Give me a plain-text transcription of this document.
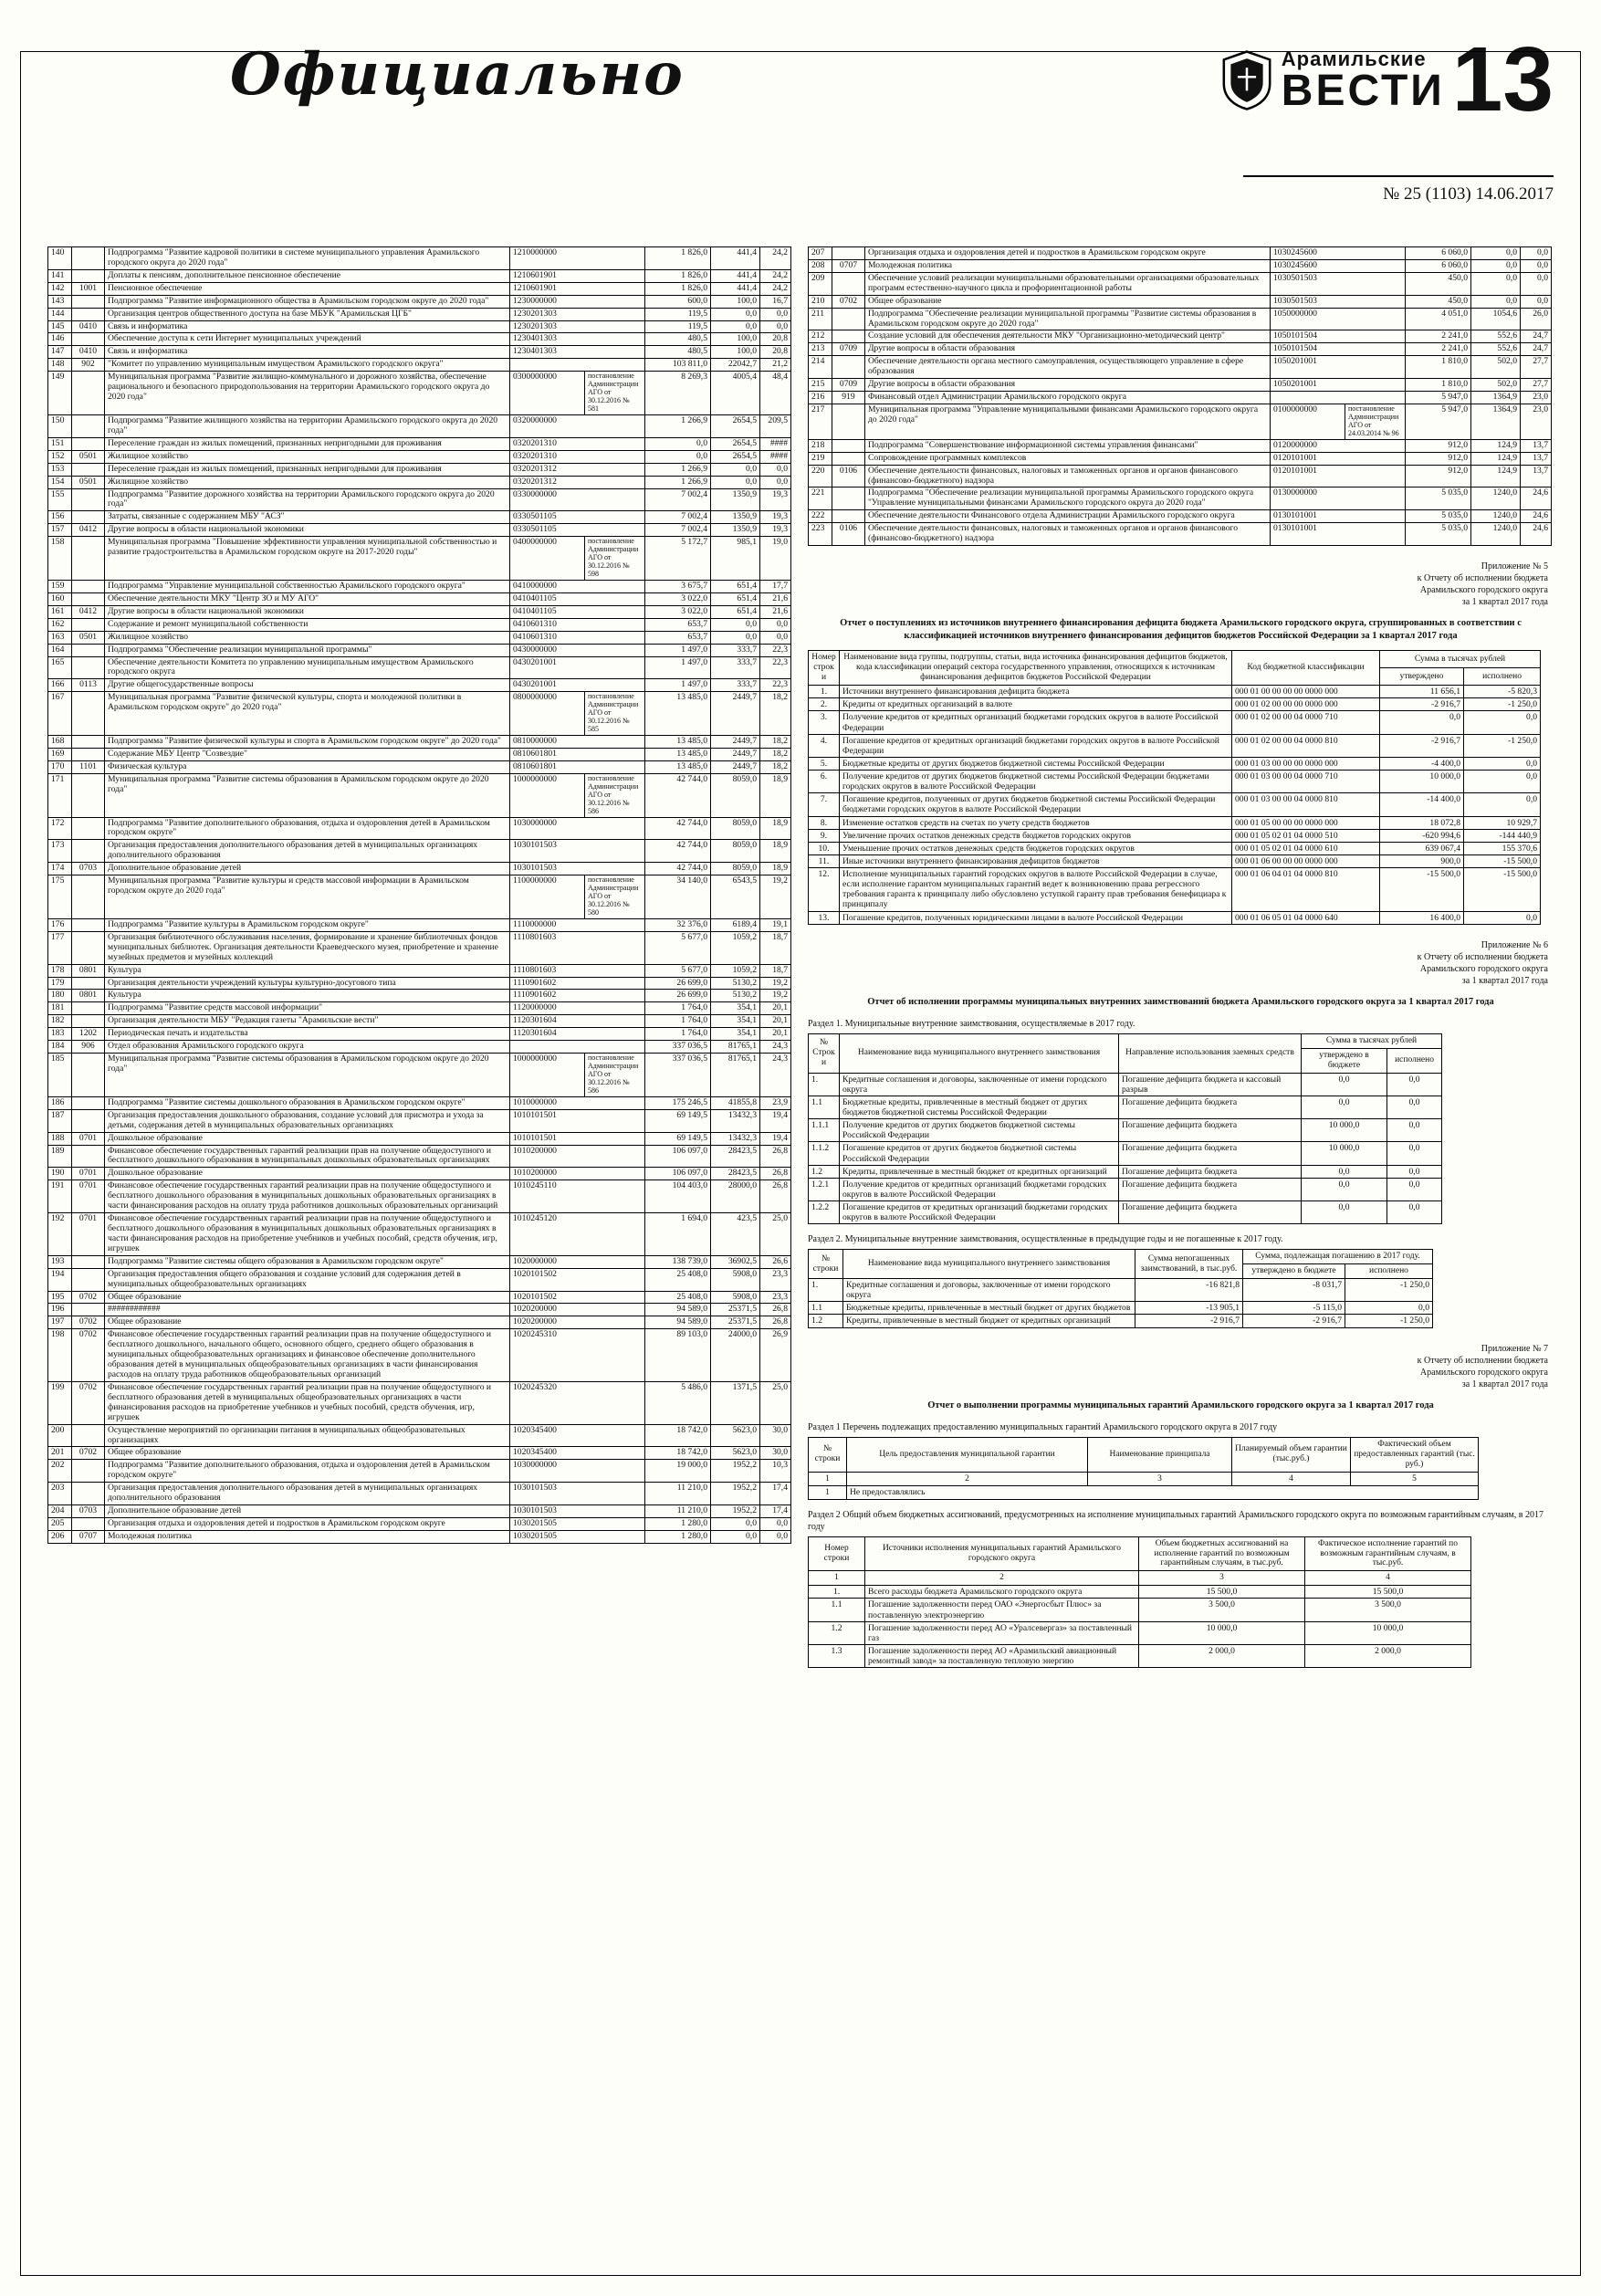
Официально	Арамильские
ВЕСТИ 13
№ 25 (1103) 14.06.2017
140		Подпрограмма "Развитие кадровой политики в системе муниципального управления Арамильского городского округа до 2020 года"	1210000000		1 826,0	441,4	24,2
141		Доплаты к пенсиям, дополнительное пенсионное обеспечение	1210601901		1 826,0	441,4	24,2
142	1001	Пенсионное обеспечение	1210601901		1 826,0	441,4	24,2
143		Подпрограмма "Развитие информационного общества в Арамильском городском округе до 2020 года"	1230000000		600,0	100,0	16,7
144		Организация центров общественного доступа на базе МБУК "Арамильская ЦГБ"	1230201303		119,5	0,0	0,0
145	0410	Связь и информатика	1230201303		119,5	0,0	0,0
146		Обеспечение доступа к сети Интернет муниципальных учреждений	1230401303		480,5	100,0	20,8
147	0410	Связь и информатика	1230401303		480,5	100,0	20,8
148	902	"Комитет по управлению муниципальным имуществом Арамильского городского округа"			103 811,0	22042,7	21,2
149		Муниципальная программа "Развитие жилищно-коммунального и дорожного хозяйства, обеспечение рационального и безопасного природопользования на территории Арамильского городского округа до 2020 года"	0300000000	постановление Администрации АГО от 30.12.2016 № 581	8 269,3	4005,4	48,4
150		Подпрограмма "Развитие жилищного хозяйства на территории Арамильского городского округа до 2020 года"	0320000000		1 266,9	2654,5	209,5
151		Переселение граждан из жилых помещений, признанных непригодными для проживания	0320201310		0,0	2654,5	####
152	0501	Жилищное хозяйство	0320201310		0,0	2654,5	####
153		Переселение граждан из жилых помещений, признанных непригодными для проживания	0320201312		1 266,9	0,0	0,0
154	0501	Жилищное хозяйство	0320201312		1 266,9	0,0	0,0
155		Подпрограмма "Развитие дорожного хозяйства на территории Арамильского городского округа до 2020 года"	0330000000		7 002,4	1350,9	19,3
156		Затраты, связанные с содержанием МБУ "АСЗ"	0330501105		7 002,4	1350,9	19,3
157	0412	Другие вопросы в области национальной экономики	0330501105		7 002,4	1350,9	19,3
158		Муниципальная программа "Повышение эффективности управления муниципальной собственностью и развитие градостроительства в Арамильском городском округе на 2017-2020 годы"	0400000000	постановление Администрации АГО от 30.12.2016 № 598	5 172,7	985,1	19,0
159		Подпрограмма "Управление муниципальной собственностью Арамильского городского округа"	0410000000		3 675,7	651,4	17,7
160		Обеспечение деятельности МКУ "Центр ЗО и МУ АГО"	0410401105		3 022,0	651,4	21,6
161	0412	Другие вопросы в области национальной экономики	0410401105		3 022,0	651,4	21,6
162		Содержание и ремонт муниципальной собственности	0410601310		653,7	0,0	0,0
163	0501	Жилищное хозяйство	0410601310		653,7	0,0	0,0
164		Подпрограмма "Обеспечение реализации муниципальной программы"	0430000000		1 497,0	333,7	22,3
165		Обеспечение деятельности Комитета по управлению муниципальным имуществом Арамильского городского округа	0430201001		1 497,0	333,7	22,3
166	0113	Другие общегосударственные вопросы	0430201001		1 497,0	333,7	22,3
167		Муниципальная программа "Развитие физической культуры, спорта и молодежной политики в Арамильском городском округе" до 2020 года"	0800000000	постановление Администрации АГО от 30.12.2016 № 585	13 485,0	2449,7	18,2
168		Подпрограмма "Развитие физической культуры и спорта в Арамильском городском округе" до 2020 года"	0810000000		13 485,0	2449,7	18,2
169		Содержание МБУ Центр "Созвездие"	0810601801		13 485,0	2449,7	18,2
170	1101	Физическая культура	0810601801		13 485,0	2449,7	18,2
171		Муниципальная программа "Развитие системы образования в Арамильском городском округе до 2020 года"	1000000000	постановление Администрации АГО от 30.12.2016 № 586	42 744,0	8059,0	18,9
172		Подпрограмма "Развитие дополнительного образования, отдыха и оздоровления детей в Арамильском городском округе"	1030000000		42 744,0	8059,0	18,9
173		Организация предоставления дополнительного образования детей в муниципальных организациях дополнительного образования	1030101503		42 744,0	8059,0	18,9
174	0703	Дополнительное образование детей	1030101503		42 744,0	8059,0	18,9
175		Муниципальная программа "Развитие культуры и средств массовой информации в Арамильском городском округе до 2020 года"	1100000000	постановление Администрации АГО от 30.12.2016 № 580	34 140,0	6543,5	19,2
176		Подпрограмма "Развитие культуры в Арамильском городском округе"	1110000000		32 376,0	6189,4	19,1
177		Организация библиотечного обслуживания населения, формирование и хранение библиотечных фондов муниципальных библиотек. Организация деятельности Краеведческого музея, приобретение и хранение музейных предметов и музейных коллекций	1110801603		5 677,0	1059,2	18,7
178	0801	Культура	1110801603		5 677,0	1059,2	18,7
179		Организация деятельности учреждений культуры культурно-досугового типа	1110901602		26 699,0	5130,2	19,2
180	0801	Культура	1110901602		26 699,0	5130,2	19,2
181		Подпрограмма "Развитие средств массовой информации"	1120000000		1 764,0	354,1	20,1
182		Организация деятельности МБУ "Редакция газеты "Арамильские вести"	1120301604		1 764,0	354,1	20,1
183	1202	Периодическая печать и издательства	1120301604		1 764,0	354,1	20,1
184	906	Отдел образования Арамильского городского округа			337 036,5	81765,1	24,3
185		Муниципальная программа "Развитие системы образования в Арамильском городском округе до 2020 года"	1000000000	постановление Администрации АГО от 30.12.2016 № 586	337 036,5	81765,1	24,3
186		Подпрограмма "Развитие системы дошкольного образования в Арамильском городском округе"	1010000000		175 246,5	41855,8	23,9
187		Организация предоставления дошкольного образования, создание условий для присмотра и ухода за детьми, содержания детей в муниципальных образовательных организациях	1010101501		69 149,5	13432,3	19,4
188	0701	Дошкольное образование	1010101501		69 149,5	13432,3	19,4
189		Финансовое обеспечение государственных гарантий реализации прав на получение общедоступного и бесплатного дошкольного образования в муниципальных дошкольных образовательных организациях	1010200000		106 097,0	28423,5	26,8
190	0701	Дошкольное образование	1010200000		106 097,0	28423,5	26,8
191	0701	Финансовое обеспечение государственных гарантий реализации прав на получение общедоступного и бесплатного дошкольного образования в муниципальных дошкольных образовательных организациях в части финансирования расходов на оплату труда работников дошкольных образовательных организаций	1010245110		104 403,0	28000,0	26,8
192	0701	Финансовое обеспечение государственных гарантий реализации прав на получение общедоступного и бесплатного дошкольного образования в муниципальных дошкольных образовательных организациях в части финансирования расходов на приобретение учебников и учебных пособий, средств обучения, игр, игрушек	1010245120		1 694,0	423,5	25,0
193		Подпрограмма "Развитие системы общего образования в Арамильском городском округе"	1020000000		138 739,0	36902,5	26,6
194		Организация предоставления общего образования и создание условий для содержания детей в муниципальных общеобразовательных организациях	1020101502		25 408,0	5908,0	23,3
195	0702	Общее образование	1020101502		25 408,0	5908,0	23,3
196		############	1020200000		94 589,0	25371,5	26,8
197	0702	Общее образование	1020200000		94 589,0	25371,5	26,8
198	0702	Финансовое обеспечение государственных гарантий реализации прав на получение общедоступного и бесплатного дошкольного, начального общего, основного общего, среднего общего образования в муниципальных общеобразовательных организациях и финансовое обеспечение дополнительного образования детей в муниципальных общеобразовательных организациях в части финансирования расходов на оплату труда работников общеобразовательных организаций	1020245310		89 103,0	24000,0	26,9
199	0702	Финансовое обеспечение государственных гарантий реализации прав на получение общедоступного и бесплатного образования детей в муниципальных общеобразовательных организациях в части финансирования расходов на приобретение учебников и учебных пособий, средств обучения, игр, игрушек	1020245320		5 486,0	1371,5	25,0
200		Осуществление мероприятий по организации питания в муниципальных общеобразовательных организациях	1020345400		18 742,0	5623,0	30,0
201	0702	Общее образование	1020345400		18 742,0	5623,0	30,0
202		Подпрограмма "Развитие дополнительного образования, отдыха и оздоровления детей в Арамильском городском округе"	1030000000		19 000,0	1952,2	10,3
203		Организация предоставления дополнительного образования детей в муниципальных организациях дополнительного образования	1030101503		11 210,0	1952,2	17,4
204	0703	Дополнительное образование детей	1030101503		11 210,0	1952,2	17,4
205		Организация отдыха и оздоровления детей и подростков в Арамильском городском округе	1030201505		1 280,0	0,0	0,0
206	0707	Молодежная политика	1030201505		1 280,0	0,0	0,0
207		Организация отдыха и оздоровления детей и подростков в Арамильском городском округе	1030245600		6 060,0	0,0	0,0
208	0707	Молодежная политика	1030245600		6 060,0	0,0	0,0
209		Обеспечение условий реализации муниципальными образовательными организациями образовательных программ естественно-научного цикла и профориентационной работы	1030501503		450,0	0,0	0,0
210	0702	Общее образование	1030501503		450,0	0,0	0,0
211		Подпрограмма "Обеспечение реализации муниципальной программы "Развитие системы образования в Арамильском городском округе до 2020 года"	1050000000		4 051,0	1054,6	26,0
212		Создание условий для обеспечения деятельности МКУ "Организационно-методический центр"	1050101504		2 241,0	552,6	24,7
213	0709	Другие вопросы в области образования	1050101504		2 241,0	552,6	24,7
214		Обеспечение деятельности органа местного самоуправления, осуществляющего управление в сфере образования	1050201001		1 810,0	502,0	27,7
215	0709	Другие вопросы в области образования	1050201001		1 810,0	502,0	27,7
216	919	Финансовый отдел Администрации Арамильского городского округа			5 947,0	1364,9	23,0
217		Муниципальная программа "Управление муниципальными финансами Арамильского городского округа до 2020 года"	0100000000	постановление Администрации АГО от 24.03.2014 № 96	5 947,0	1364,9	23,0
218		Подпрограмма "Совершенствование информационной системы управления финансами"	0120000000		912,0	124,9	13,7
219		Сопровождение программных комплексов	0120101001		912,0	124,9	13,7
220	0106	Обеспечение деятельности финансовых, налоговых и таможенных органов и органов финансового (финансово-бюджетного) надзора	0120101001		912,0	124,9	13,7
221		Подпрограмма "Обеспечение реализации муниципальной программы Арамильского городского округа "Управление муниципальными финансами Арамильского городского округа до 2020 года"	0130000000		5 035,0	1240,0	24,6
222		Обеспечение деятельности Финансового отдела Администрации Арамильского городского округа	0130101001		5 035,0	1240,0	24,6
223	0106	Обеспечение деятельности финансовых, налоговых и таможенных органов и органов финансового (финансово-бюджетного) надзора	0130101001		5 035,0	1240,0	24,6
Приложение № 5
к Отчету об исполнении бюджета
Арамильского городского округа
за 1 квартал 2017 года
Отчет о поступлениях из источников внутреннего финансирования дефицита бюджета Арамильского городского округа, сгруппированных в соответствии с классификацией источников внутреннего финансирования дефицитов бюджетов Российской Федерации за 1 квартал 2017 года
Номер строки	Наименование вида группы, подгруппы, статьи, вида источника финансирования дефицитов бюджетов, кода классификации операций сектора государственного управления, относящихся к источникам финансирования дефицитов бюджетов Российской Федерации	Код бюджетной классификации	Сумма в тысячах рублей	
			утверждено	исполнено
1.	Источники внутреннего финансирования дефицита бюджета	000 01 00 00 00 00 0000 000	11 656,1	-5 820,3
2.	Кредиты от кредитных организаций в валюте	000 01 02 00 00 00 0000 000	-2 916,7	-1 250,0
3.	Получение кредитов от кредитных организаций бюджетами городских округов в валюте Российской Федерации	000 01 02 00 00 04 0000 710	0,0	0,0
4.	Погашение кредитов от кредитных организаций бюджетами городских округов в валюте Российской Федерации	000 01 02 00 00 04 0000 810	-2 916,7	-1 250,0
5.	Бюджетные кредиты от других бюджетов бюджетной системы Российской Федерации	000 01 03 00 00 00 0000 000	-4 400,0	0,0
6.	Получение кредитов от других бюджетов бюджетной системы Российской Федерации бюджетами городских округов в валюте Российской Федерации	000 01 03 00 00 04 0000 710	10 000,0	0,0
7.	Погашение кредитов, полученных от других бюджетов бюджетной системы Российской Федерации бюджетами городских округов в валюте Российской Федерации	000 01 03 00 00 04 0000 810	-14 400,0	0,0
8.	Изменение остатков средств на счетах по учету средств бюджетов	000 01 05 00 00 00 0000 000	18 072,8	10 929,7
9.	Увеличение прочих остатков денежных средств бюджетов городских округов	000 01 05 02 01 04 0000 510	-620 994,6	-144 440,9
10.	Уменьшение прочих остатков денежных средств бюджетов городских округов	000 01 05 02 01 04 0000 610	639 067,4	155 370,6
11.	Иные источники внутреннего финансирования дефицитов бюджетов	000 01 06 00 00 00 0000 000	900,0	-15 500,0
12.	Исполнение муниципальных гарантий городских округов в валюте Российской Федерации в случае, если исполнение гарантом муниципальных гарантий ведет к возникновению права регрессного требования гаранта к принципалу либо обусловлено уступкой гаранту прав требования бенефициара к принципалу	000 01 06 04 01 04 0000 810	-15 500,0	-15 500,0
13.	Погашение кредитов, полученных юридическими лицами в валюте Российской Федерации	000 01 06 05 01 04 0000 640	16 400,0	0,0
Приложение № 6
к Отчету об исполнении бюджета
Арамильского городского округа
за 1 квартал 2017 года
Отчет об исполнении программы муниципальных внутренних заимствований бюджета Арамильского городского округа за 1 квартал 2017 года
Раздел 1. Муниципальные внутренние заимствования, осуществляемые в 2017 году.
№ Строки	Наименование вида муниципального внутреннего заимствования	Направление использования заемных средств	Сумма в тысячах рублей	
			утверждено в бюджете	исполнено
1.	Кредитные соглашения и договоры, заключенные от имени городского округа	Погашение дефицита бюджета и кассовый разрыв	0,0	0,0
1.1	Бюджетные кредиты, привлеченные в местный бюджет от других бюджетов бюджетной системы Российской Федерации	Погашение дефицита бюджета	0,0	0,0
1.1.1	Получение кредитов от других бюджетов бюджетной системы Российской Федерации	Погашение дефицита бюджета	10 000,0	0,0
1.1.2	Погашение кредитов от других бюджетов бюджетной системы Российской Федерации	Погашение дефицита бюджета	10 000,0	0,0
1.2	Кредиты, привлеченные в местный бюджет от кредитных организаций	Погашение дефицита бюджета	0,0	0,0
1.2.1	Получение кредитов от кредитных организаций бюджетами городских округов в валюте Российской Федерации	Погашение дефицита бюджета	0,0	0,0
1.2.2	Погашение кредитов от кредитных организаций бюджетами городских округов в валюте Российской Федерации	Погашение дефицита бюджета	0,0	0,0
Раздел 2. Муниципальные внутренние заимствования, осуществленные в предыдущие годы и не погашенные к 2017 году.
№ строки	Наименование вида муниципального внутреннего заимствования	Сумма непогашенных заимствований, в тыс.руб.	Сумма, подлежащая погашению в 2017 году.	
			утверждено в бюджете	исполнено
1.	Кредитные соглашения и договоры, заключенные от имени городского округа	-16 821,8	-8 031,7	-1 250,0
1.1	Бюджетные кредиты, привлеченные в местный бюджет от других бюджетов	-13 905,1	-5 115,0	0,0
1.2	Кредиты, привлеченные в местный бюджет от кредитных организаций	-2 916,7	-2 916,7	-1 250,0
Приложение № 7
к Отчету об исполнении бюджета
Арамильского городского округа
за 1 квартал 2017 года
Отчет о выполнении программы муниципальных гарантий Арамильского городского округа за 1 квартал 2017 года
Раздел 1 Перечень подлежащих предоставлению муниципальных гарантий Арамильского городского округа в 2017 году
№ строки	Цель предоставления муниципальной гарантии	Наименование принципала	Планируемый объем гарантии (тыс.руб.)	Фактический объем предоставленных гарантий (тыс. руб.)
1	2	3	4	5
1	Не предоставлялись			
Раздел 2 Общий объем бюджетных ассигнований, предусмотренных на исполнение муниципальных гарантий Арамильского городского округа по возможным гарантийным случаям, в 2017 году
Номер строки	Источники исполнения муниципальных гарантий Арамильского городского округа	Объем бюджетных ассигнований на исполнение гарантий по возможным гарантийным случаям, в тыс.руб.	Фактическое исполнение гарантий по возможным гарантийным случаям, в тыс.руб.
1	2	3	4
1.	Всего расходы бюджета Арамильского городского округа	15 500,0	15 500,0
1.1	Погашение задолженности перед ОАО «Энергосбыт Плюс» за поставленную электроэнергию	3 500,0	3 500,0
1.2	Погашение задолженности перед АО «Уралсевергаз» за поставленный газ	10 000,0	10 000,0
1.3	Погашение задолженности перед АО «Арамильский авиационный ремонтный завод» за поставленную тепловую энергию	2 000,0	2 000,0
